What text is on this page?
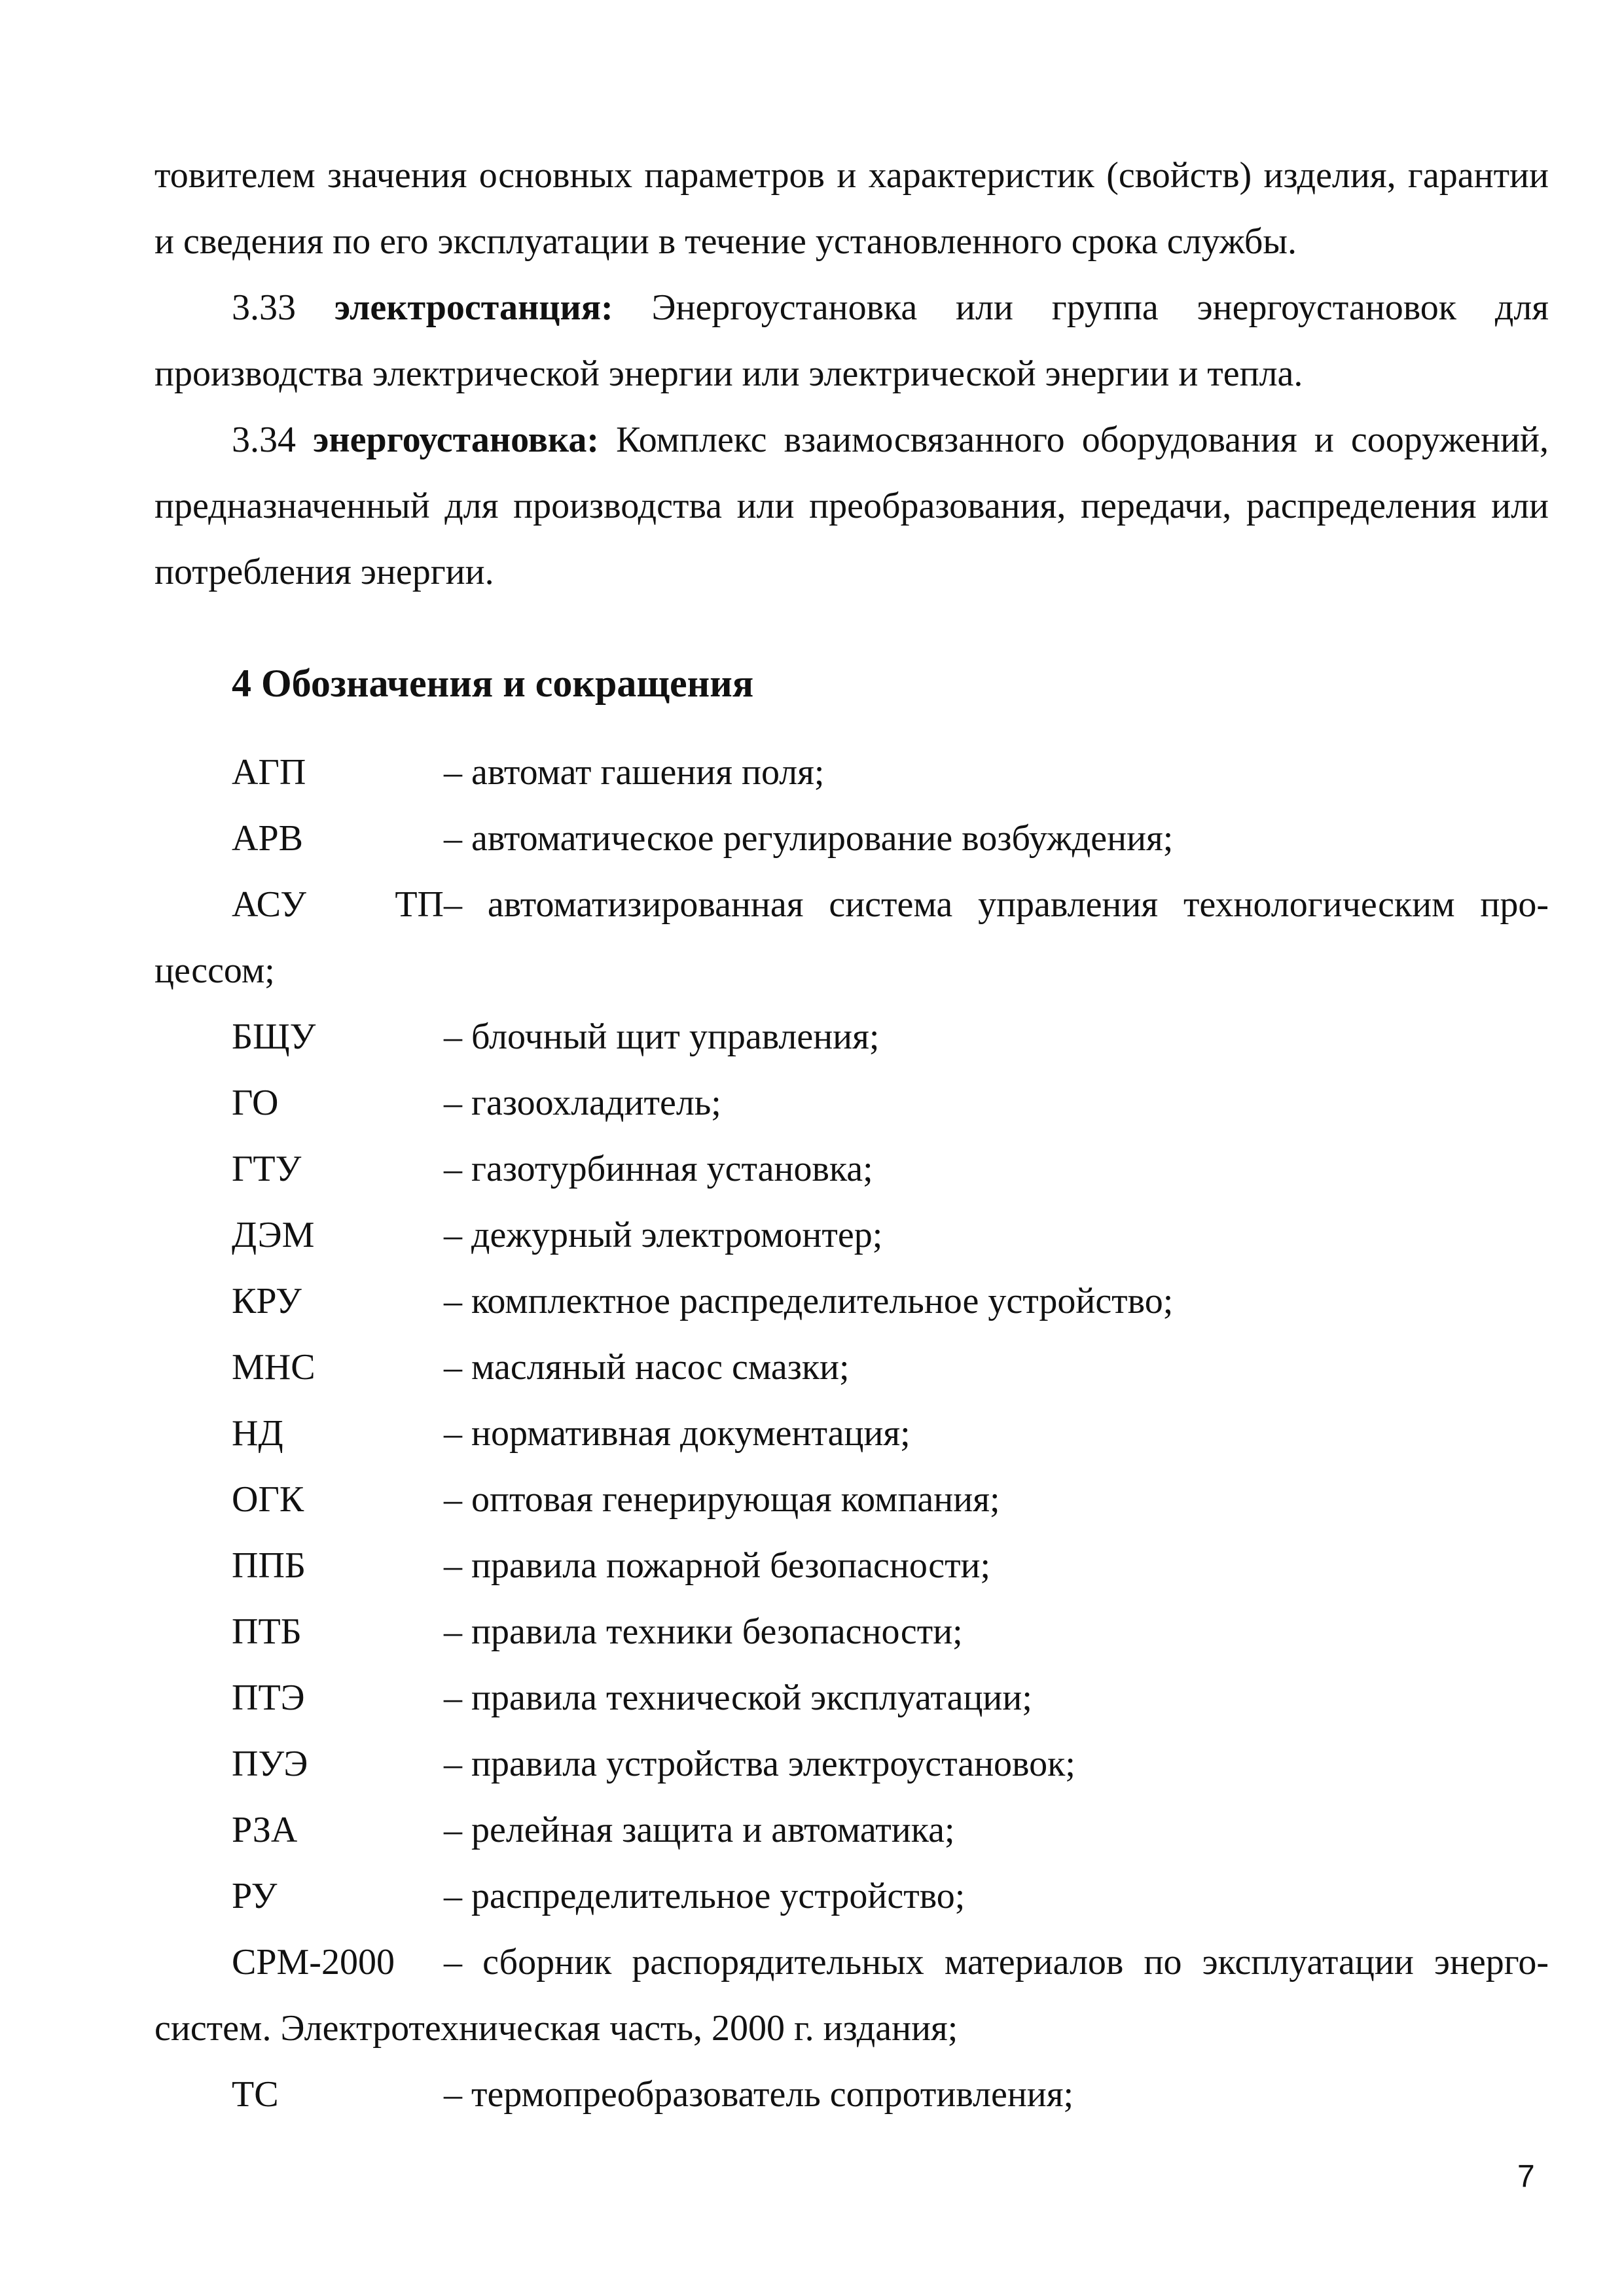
товителем значения основных параметров и характеристик (свойств) изделия, гарантии и сведения по его эксплуатации в течение установленного срока службы.

3.33 электростанция: Энергоустановка или группа энергоустановок для производства электрической энергии или электрической энергии и тепла.

3.34 энергоустановка: Комплекс взаимосвязанного оборудования и сооружений, предназначенный для производства или преобразования, передачи, распределения или потребления энергии.

4 Обозначения и сокращения
АГП	– автомат гашения поля;
АРВ	– автоматическое регулирование возбуждения;
АСУ ТП– автоматизированная система управления технологическим про-
цессом;
БЩУ	– блочный щит управления;
ГО	– газоохладитель;
ГТУ	– газотурбинная установка;
ДЭМ	– дежурный электромонтер;
КРУ	– комплектное распределительное устройство;
МНС	– масляный насос смазки;
НД	– нормативная документация;
ОГК	– оптовая генерирующая компания;
ППБ	– правила пожарной безопасности;
ПТБ	– правила техники безопасности;
ПТЭ	– правила технической эксплуатации;
ПУЭ	– правила устройства электроустановок;
РЗА	– релейная защита и автоматика;
РУ	– распределительное устройство;
СРМ-2000 – сборник распорядительных материалов по эксплуатации энерго-
систем. Электротехническая часть, 2000 г. издания;
ТС	– термопреобразователь сопротивления;
7
